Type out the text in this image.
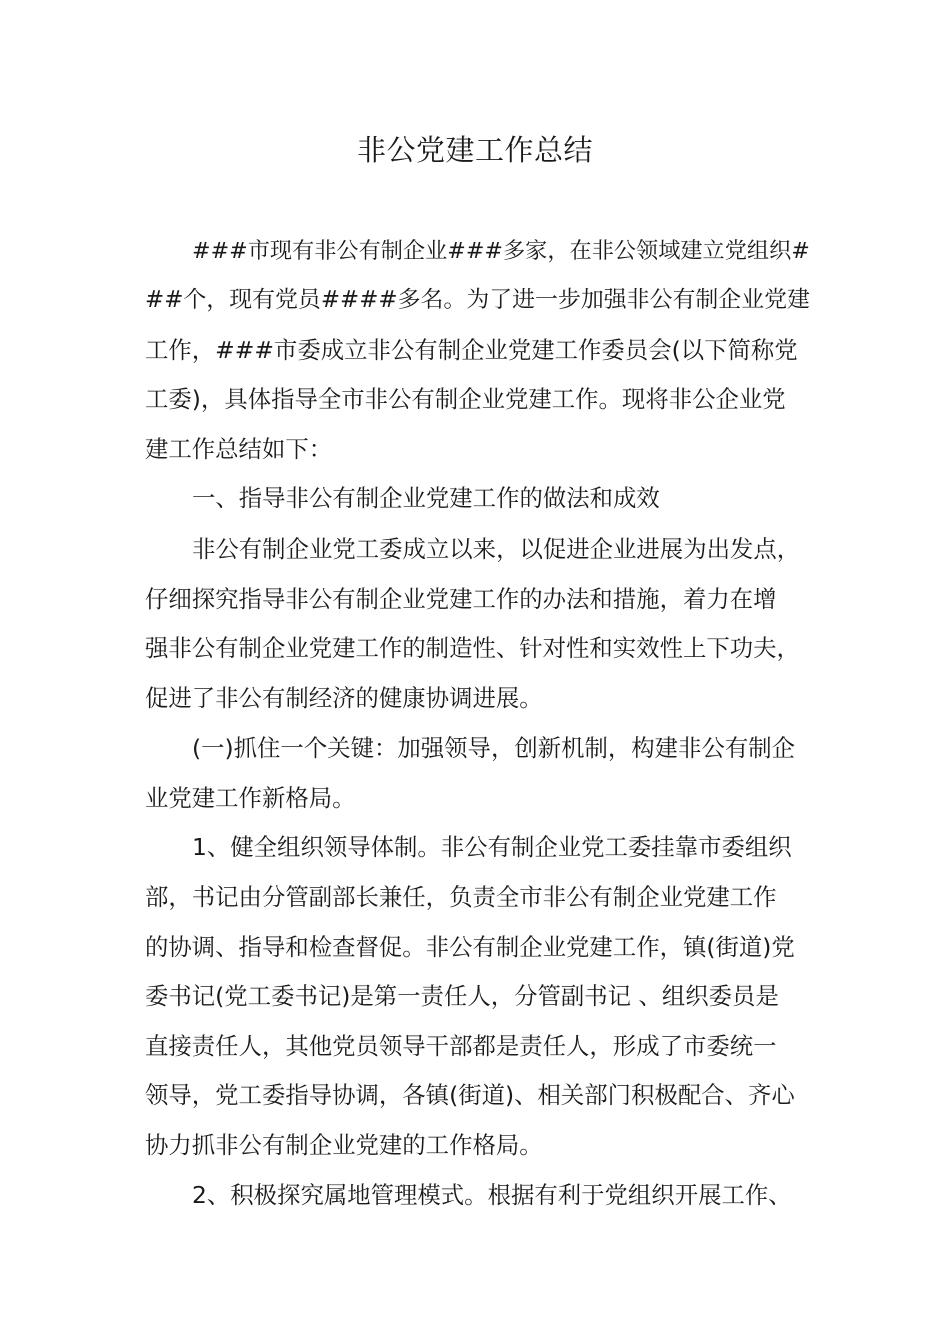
非公党建工作总结
###市现有非公有制企业###多家，在非公领域建立党组织#
##个，现有党员####多名。为了进一步加强非公有制企业党建
工作，###市委成立非公有制企业党建工作委员会(以下简称党
工委)，具体指导全市非公有制企业党建工作。现将非公企业党
建工作总结如下：
一、指导非公有制企业党建工作的做法和成效
非公有制企业党工委成立以来，以促进企业进展为出发点，
仔细探究指导非公有制企业党建工作的办法和措施，着力在增
强非公有制企业党建工作的制造性、针对性和实效性上下功夫，
促进了非公有制经济的健康协调进展。
(一)抓住一个关键：加强领导，创新机制，构建非公有制企
业党建工作新格局。
1、健全组织领导体制。非公有制企业党工委挂靠市委组织
部，书记由分管副部长兼任，负责全市非公有制企业党建工作
的协调、指导和检查督促。非公有制企业党建工作，镇(街道)党
委书记(党工委书记)是第一责任人，分管副书记 、组织委员是
直接责任人，其他党员领导干部都是责任人，形成了市委统一
领导，党工委指导协调，各镇(街道)、相关部门积极配合、齐心
协力抓非公有制企业党建的工作格局。
2、积极探究属地管理模式。根据有利于党组织开展工作、
